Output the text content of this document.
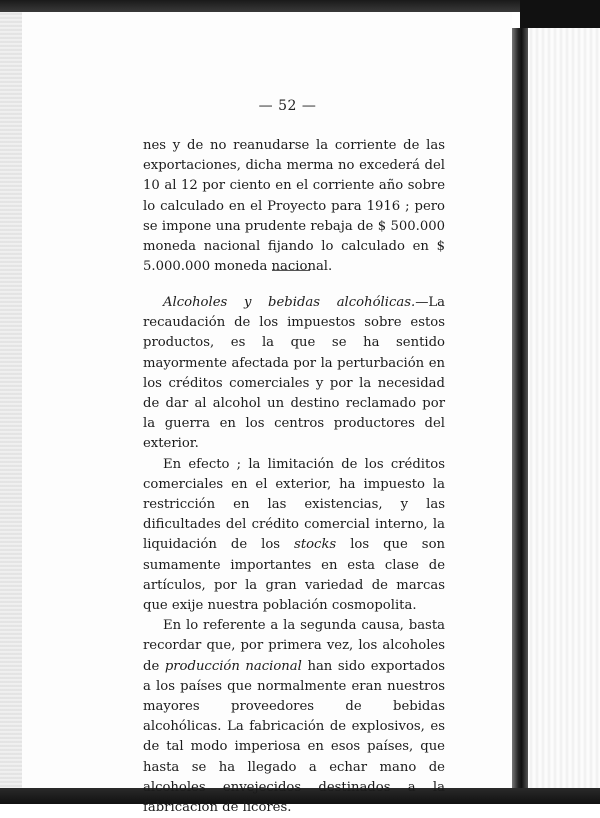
— 52 —

nes y de no reanudarse la corriente de las exportaciones, dicha merma no excederá del 10 al 12 por ciento en el corriente año sobre lo calculado en el Proyecto para 1916 ; pero se impone una prudente rebaja de $ 500.000 moneda nacional fijando lo calculado en $ 5.000.000 moneda nacional.

Alcoholes y bebidas alcohólicas.—La recaudación de los impuestos sobre estos productos, es la que se ha sentido mayormente afectada por la perturbación en los créditos comerciales y por la necesidad de dar al alcohol un destino reclamado por la guerra en los centros productores del exterior.

En efecto ; la limitación de los créditos comerciales en el exterior, ha impuesto la restricción en las existencias, y las dificultades del crédito comercial interno, la liquidación de los stocks los que son sumamente importantes en esta clase de artículos, por la gran variedad de marcas que exije nuestra población cosmopolita.

En lo referente a la segunda causa, basta recordar que, por primera vez, los alcoholes de producción nacional han sido exportados a los países que normalmente eran nuestros mayores proveedores de bebidas alcohólicas. La fabricación de explosivos, es de tal modo imperiosa en esos países, que hasta se ha llegado a echar mano de alcoholes envejecidos destinados a la fabricación de licores.
